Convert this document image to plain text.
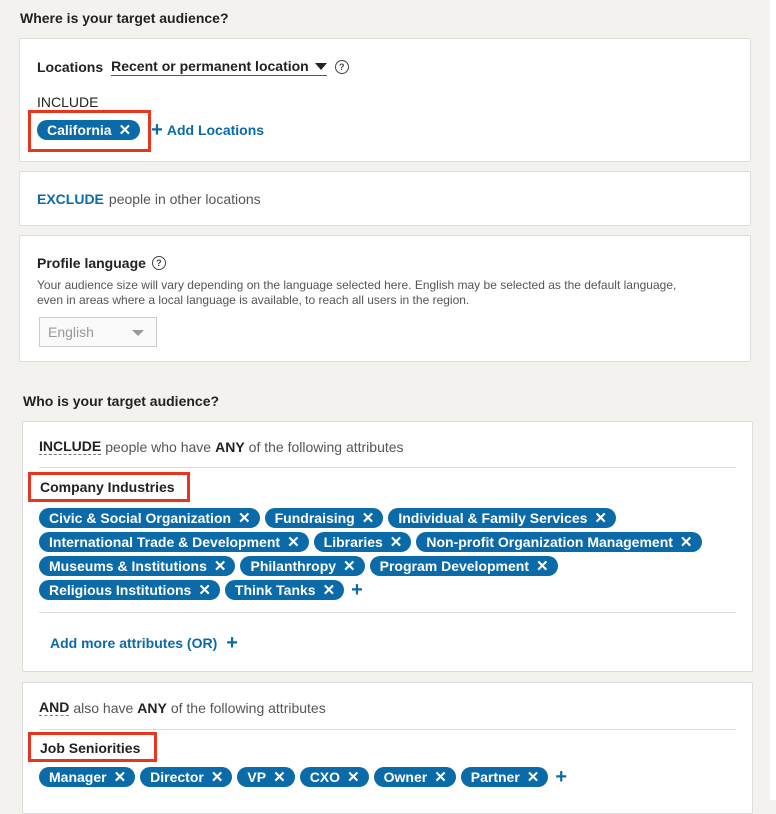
Where is your target audience?
Locations Recent or permanent location	?
INCLUDE
California ✕ + Add Locations
EXCLUDE people in other locations
Profile language	?
Your audience size will vary depending on the language selected here. English may be selected as the default language,
even in areas where a local language is available, to reach all users in the region.
English
Who is your target audience?
INCLUDE people who have ANY of the following attributes
Company Industries
Civic & Social Organization ✕ Fundraising ✕ Individual & Family Services ✕
International Trade & Development ✕ Libraries ✕ Non-profit Organization Management ✕
Museums & Institutions ✕ Philanthropy ✕ Program Development ✕
Religious Institutions ✕ Think Tanks ✕ +
Add more attributes (OR) +
AND also have ANY of the following attributes
Job Seniorities
Manager ✕ Director ✕ VP ✕ CXO ✕ Owner ✕ Partner ✕ +
